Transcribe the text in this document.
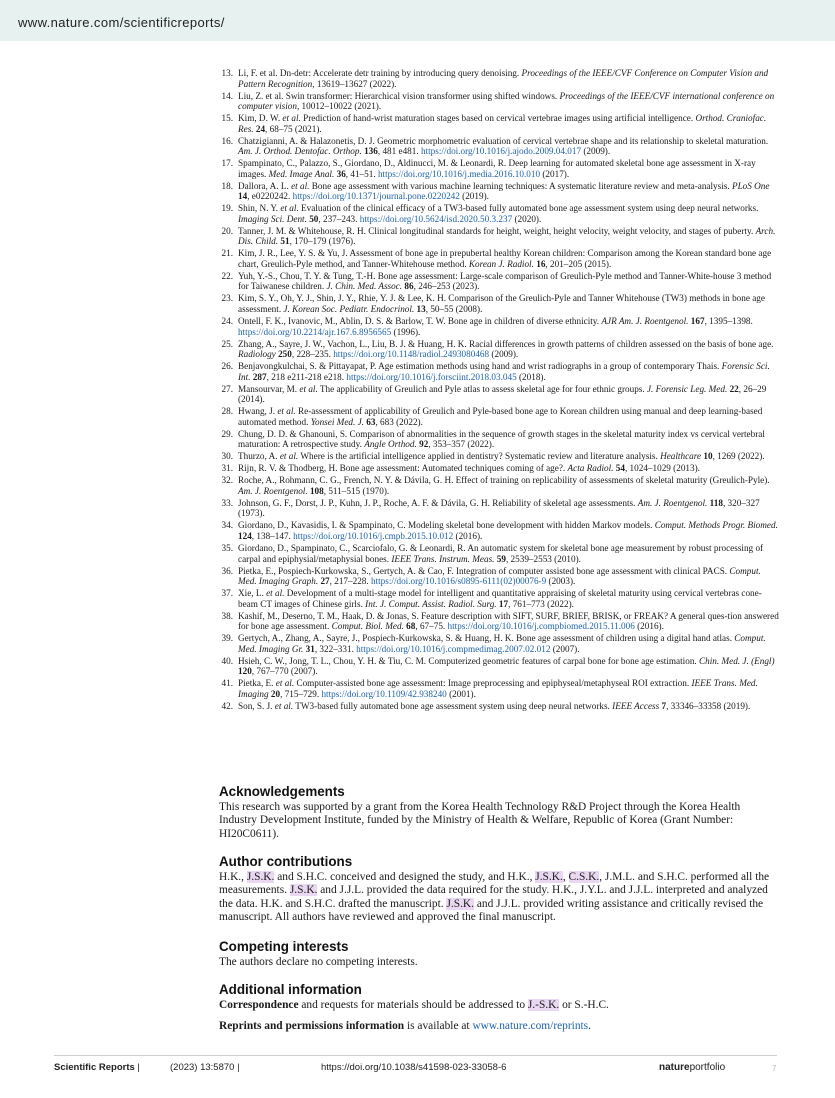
www.nature.com/scientificreports/
13. Li, F. et al. Dn-detr: Accelerate detr training by introducing query denoising. Proceedings of the IEEE/CVF Conference on Computer Vision and Pattern Recognition, 13619–13627 (2022).
14. Liu, Z. et al. Swin transformer: Hierarchical vision transformer using shifted windows. Proceedings of the IEEE/CVF international conference on computer vision, 10012–10022 (2021).
15. Kim, D. W. et al. Prediction of hand-wrist maturation stages based on cervical vertebrae images using artificial intelligence. Orthod. Craniofac. Res. 24, 68–75 (2021).
16. Chatzigianni, A. & Halazonetis, D. J. Geometric morphometric evaluation of cervical vertebrae shape and its relationship to skeletal maturation. Am. J. Orthod. Dentofac. Orthop. 136, 481 e481. https://doi.org/10.1016/j.ajodo.2009.04.017 (2009).
17. Spampinato, C., Palazzo, S., Giordano, D., Aldinucci, M. & Leonardi, R. Deep learning for automated skeletal bone age assessment in X-ray images. Med. Image Anal. 36, 41–51. https://doi.org/10.1016/j.media.2016.10.010 (2017).
18. Dallora, A. L. et al. Bone age assessment with various machine learning techniques: A systematic literature review and meta-analysis. PLoS One 14, e0220242. https://doi.org/10.1371/journal.pone.0220242 (2019).
19. Shin, N. Y. et al. Evaluation of the clinical efficacy of a TW3-based fully automated bone age assessment system using deep neural networks. Imaging Sci. Dent. 50, 237–243. https://doi.org/10.5624/isd.2020.50.3.237 (2020).
20. Tanner, J. M. & Whitehouse, R. H. Clinical longitudinal standards for height, weight, height velocity, weight velocity, and stages of puberty. Arch. Dis. Child. 51, 170–179 (1976).
21. Kim, J. R., Lee, Y. S. & Yu, J. Assessment of bone age in prepubertal healthy Korean children: Comparison among the Korean standard bone age chart, Greulich-Pyle method, and Tanner-Whitehouse method. Korean J. Radiol. 16, 201–205 (2015).
22. Yuh, Y.-S., Chou, T. Y. & Tung, T.-H. Bone age assessment: Large-scale comparison of Greulich-Pyle method and Tanner-White-house 3 method for Taiwanese children. J. Chin. Med. Assoc. 86, 246–253 (2023).
23. Kim, S. Y., Oh, Y. J., Shin, J. Y., Rhie, Y. J. & Lee, K. H. Comparison of the Greulich-Pyle and Tanner Whitehouse (TW3) methods in bone age assessment. J. Korean Soc. Pediatr. Endocrinol. 13, 50–55 (2008).
24. Ontell, F. K., Ivanovic, M., Ablin, D. S. & Barlow, T. W. Bone age in children of diverse ethnicity. AJR Am. J. Roentgenol. 167, 1395–1398. https://doi.org/10.2214/ajr.167.6.8956565 (1996).
25. Zhang, A., Sayre, J. W., Vachon, L., Liu, B. J. & Huang, H. K. Racial differences in growth patterns of children assessed on the basis of bone age. Radiology 250, 228–235. https://doi.org/10.1148/radiol.2493080468 (2009).
26. Benjavongkulchai, S. & Pittayapat, P. Age estimation methods using hand and wrist radiographs in a group of contemporary Thais. Forensic Sci. Int. 287, 218 e211-218 e218. https://doi.org/10.1016/j.forsciint.2018.03.045 (2018).
27. Mansourvar, M. et al. The applicability of Greulich and Pyle atlas to assess skeletal age for four ethnic groups. J. Forensic Leg. Med. 22, 26–29 (2014).
28. Hwang, J. et al. Re-assessment of applicability of Greulich and Pyle-based bone age to Korean children using manual and deep learning-based automated method. Yonsei Med. J. 63, 683 (2022).
29. Chung, D. D. & Ghanouni, S. Comparison of abnormalities in the sequence of growth stages in the skeletal maturity index vs cervical vertebral maturation: A retrospective study. Angle Orthod. 92, 353–357 (2022).
30. Thurzo, A. et al. Where is the artificial intelligence applied in dentistry? Systematic review and literature analysis. Healthcare 10, 1269 (2022).
31. Rijn, R. V. & Thodberg, H. Bone age assessment: Automated techniques coming of age?. Acta Radiol. 54, 1024–1029 (2013).
32. Roche, A., Rohmann, C. G., French, N. Y. & Dávila, G. H. Effect of training on replicability of assessments of skeletal maturity (Greulich-Pyle). Am. J. Roentgenol. 108, 511–515 (1970).
33. Johnson, G. F., Dorst, J. P., Kuhn, J. P., Roche, A. F. & Dávila, G. H. Reliability of skeletal age assessments. Am. J. Roentgenol. 118, 320–327 (1973).
34. Giordano, D., Kavasidis, I. & Spampinato, C. Modeling skeletal bone development with hidden Markov models. Comput. Methods Progr. Biomed. 124, 138–147. https://doi.org/10.1016/j.cmpb.2015.10.012 (2016).
35. Giordano, D., Spampinato, C., Scarciofalo, G. & Leonardi, R. An automatic system for skeletal bone age measurement by robust processing of carpal and epiphysial/metaphysial bones. IEEE Trans. Instrum. Meas. 59, 2539–2553 (2010).
36. Pietka, E., Pospiech-Kurkowska, S., Gertych, A. & Cao, F. Integration of computer assisted bone age assessment with clinical PACS. Comput. Med. Imaging Graph. 27, 217–228. https://doi.org/10.1016/s0895-6111(02)00076-9 (2003).
37. Xie, L. et al. Development of a multi-stage model for intelligent and quantitative appraising of skeletal maturity using cervical vertebras cone-beam CT images of Chinese girls. Int. J. Comput. Assist. Radiol. Surg. 17, 761–773 (2022).
38. Kashif, M., Deserno, T. M., Haak, D. & Jonas, S. Feature description with SIFT, SURF, BRIEF, BRISK, or FREAK? A general ques-tion answered for bone age assessment. Comput. Biol. Med. 68, 67–75. https://doi.org/10.1016/j.compbiomed.2015.11.006 (2016).
39. Gertych, A., Zhang, A., Sayre, J., Pospiech-Kurkowska, S. & Huang, H. K. Bone age assessment of children using a digital hand atlas. Comput. Med. Imaging Gr. 31, 322–331. https://doi.org/10.1016/j.compmedimag.2007.02.012 (2007).
40. Hsieh, C. W., Jong, T. L., Chou, Y. H. & Tiu, C. M. Computerized geometric features of carpal bone for bone age estimation. Chin. Med. J. (Engl) 120, 767–770 (2007).
41. Pietka, E. et al. Computer-assisted bone age assessment: Image preprocessing and epiphyseal/metaphyseal ROI extraction. IEEE Trans. Med. Imaging 20, 715–729. https://doi.org/10.1109/42.938240 (2001).
42. Son, S. J. et al. TW3-based fully automated bone age assessment system using deep neural networks. IEEE Access 7, 33346–33358 (2019).
Acknowledgements
This research was supported by a grant from the Korea Health Technology R&D Project through the Korea Health Industry Development Institute, funded by the Ministry of Health & Welfare, Republic of Korea (Grant Number: HI20C0611).
Author contributions
H.K., J.S.K. and S.H.C. conceived and designed the study, and H.K., J.S.K., C.S.K., J.M.L. and S.H.C. performed all the measurements. J.S.K. and J.J.L. provided the data required for the study. H.K., J.Y.L. and J.J.L. interpreted and analyzed the data. H.K. and S.H.C. drafted the manuscript. J.S.K. and J.J.L. provided writing assistance and critically revised the manuscript. All authors have reviewed and approved the final manuscript.
Competing interests
The authors declare no competing interests.
Additional information
Correspondence and requests for materials should be addressed to J.-S.K. or S.-H.C.
Reprints and permissions information is available at www.nature.com/reprints.
Scientific Reports |	(2023) 13:5870 |	https://doi.org/10.1038/s41598-023-33058-6	natureportfolio	7
